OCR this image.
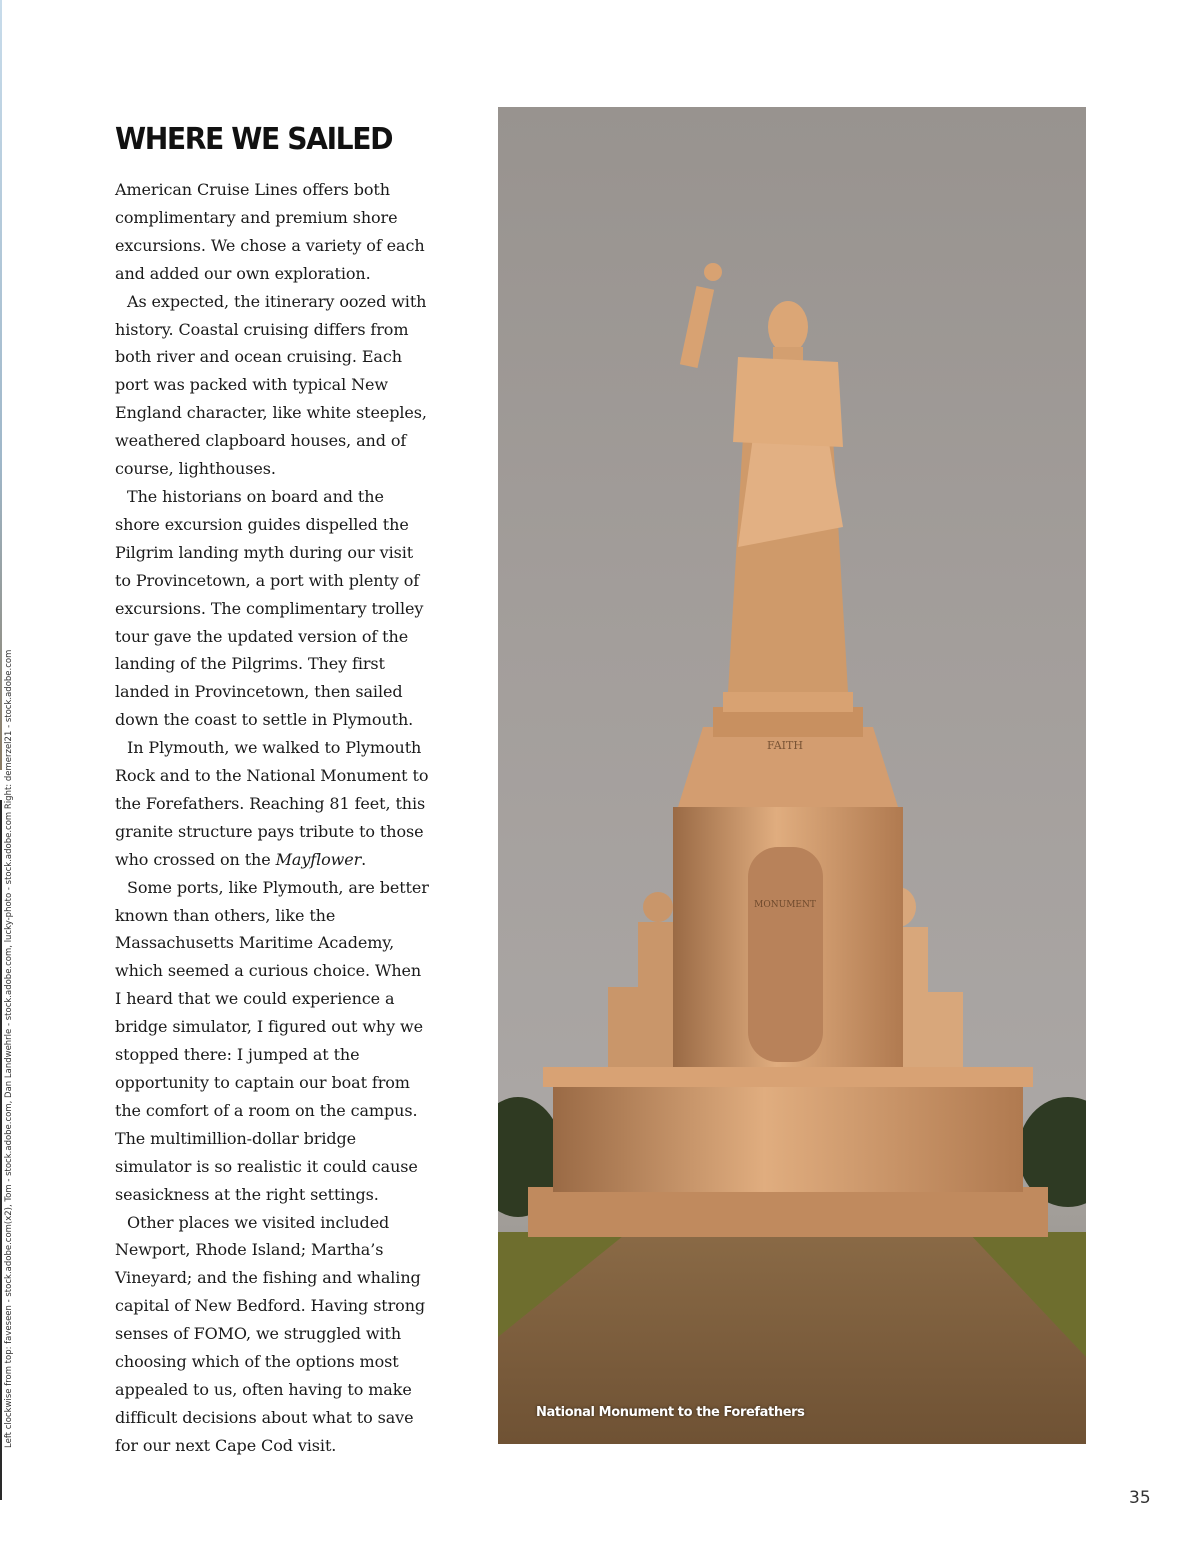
Left clockwise from top: faveseen - stock.adobe.com(x2), Tom - stock.adobe.com, Dan Landwehrle - stock.adobe.com, lucky-photo - stock.adobe.com Right: demerzel21 - stock.adobe.com
WHERE WE SAILED

American Cruise Lines offers both complimentary and premium shore excursions. We chose a variety of each and added our own exploration.

As expected, the itinerary oozed with history. Coastal cruising differs from both river and ocean cruising. Each port was packed with typical New England character, like white steeples, weathered clapboard houses, and of course, lighthouses.

The historians on board and the shore excursion guides dispelled the Pilgrim landing myth during our visit to Provincetown, a port with plenty of excursions. The complimentary trolley tour gave the updated version of the landing of the Pilgrims. They first landed in Provincetown, then sailed down the coast to settle in Plymouth.

In Plymouth, we walked to Plymouth Rock and to the National Monument to the Forefathers. Reaching 81 feet, this granite structure pays tribute to those who crossed on the Mayflower.

Some ports, like Plymouth, are better known than others, like the Massachusetts Maritime Academy, which seemed a curious choice. When I heard that we could experience a bridge simulator, I figured out why we stopped there: I jumped at the opportunity to captain our boat from the comfort of a room on the campus. The multimillion-dollar bridge simulator is so realistic it could cause seasickness at the right settings.

Other places we visited included Newport, Rhode Island; Martha’s Vineyard; and the fishing and whaling capital of New Bedford. Having strong senses of FOMO, we struggled with choosing which of the options most appealed to us, often having to make difficult decisions about what to save for our next Cape Cod visit.

MONUMENT
FAITH
National Monument to the Forefathers
35
